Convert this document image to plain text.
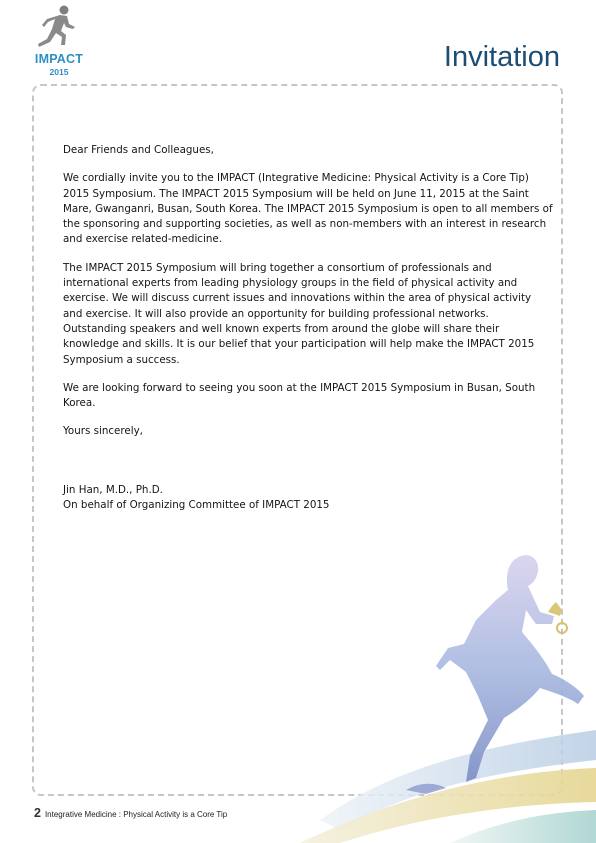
IMPACT
2015	Invitation

Dear Friends and Colleagues,

We cordially invite you to the IMPACT (Integrative Medicine: Physical Activity is a Core Tip) 2015 Symposium. The IMPACT 2015 Symposium will be held on June 11, 2015 at the Saint Mare, Gwanganri, Busan, South Korea. The IMPACT 2015 Symposium is open to all members of the sponsoring and supporting societies, as well as non-members with an interest in research and exercise related-medicine.

The IMPACT 2015 Symposium will bring together a consortium of professionals and international experts from leading physiology groups in the field of physical activity and exercise. We will discuss current issues and innovations within the area of physical activity and exercise. It will also provide an opportunity for building professional networks. Outstanding speakers and well known experts from around the globe will share their knowledge and skills. It is our belief that your participation will help make the IMPACT 2015 Symposium a success.

We are looking forward to seeing you soon at the IMPACT 2015 Symposium in Busan, South Korea.

Yours sincerely,

Jin Han, M.D., Ph.D.
On behalf of Organizing Committee of IMPACT 2015

2 Integrative Medicine : Physical Activity is a Core Tip
